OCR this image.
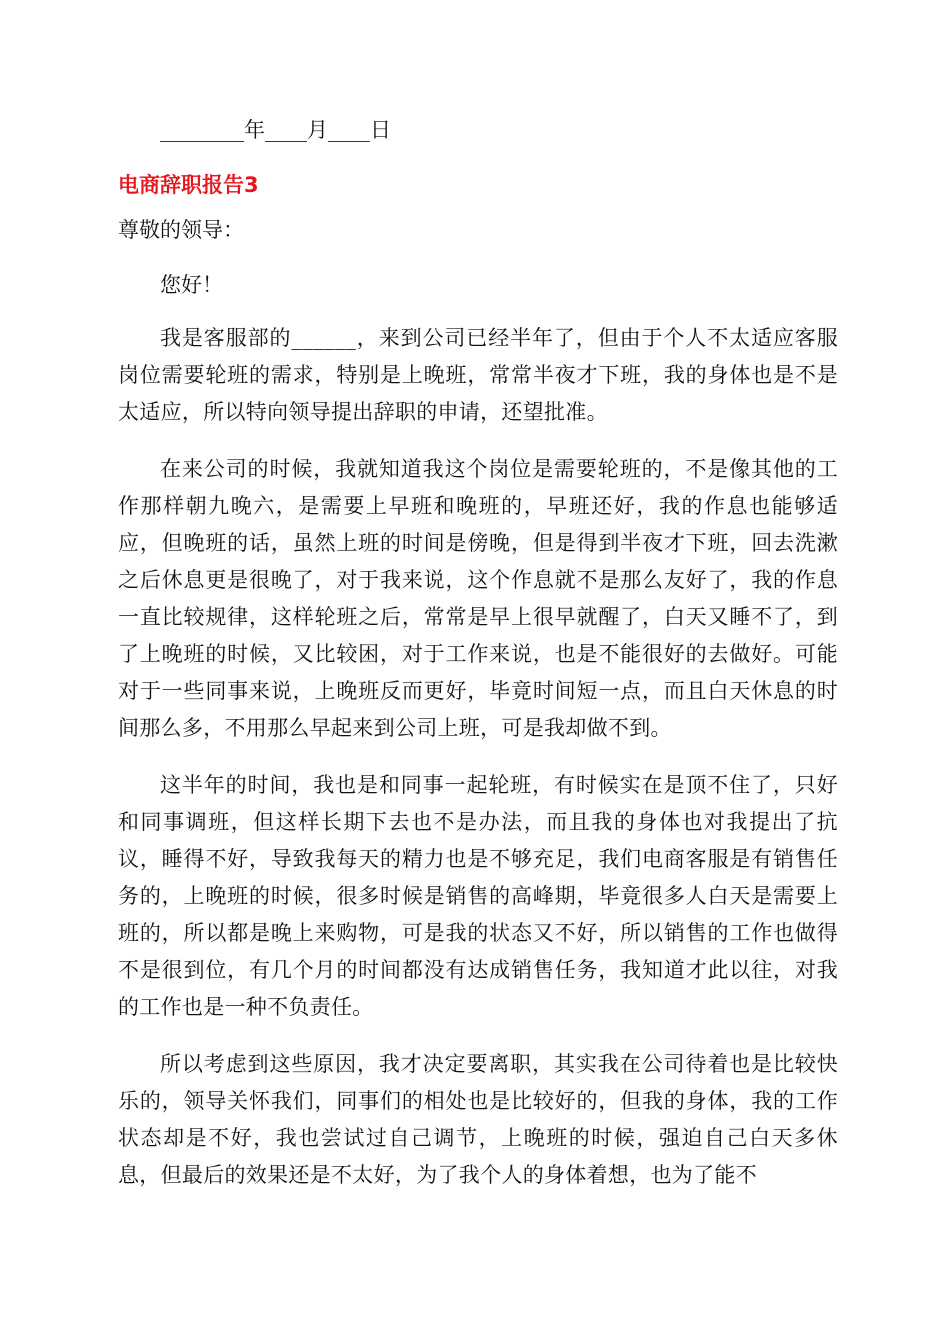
________年____月____日
电商辞职报告3
尊敬的领导：
您好！

我是客服部的______，来到公司已经半年了，但由于个人不太适应客服岗位需要轮班的需求，特别是上晚班，常常半夜才下班，我的身体也是不是太适应，所以特向领导提出辞职的申请，还望批准。

在来公司的时候，我就知道我这个岗位是需要轮班的，不是像其他的工作那样朝九晚六，是需要上早班和晚班的，早班还好，我的作息也能够适应，但晚班的话，虽然上班的时间是傍晚，但是得到半夜才下班，回去洗漱之后休息更是很晚了，对于我来说，这个作息就不是那么友好了，我的作息一直比较规律，这样轮班之后，常常是早上很早就醒了，白天又睡不了，到了上晚班的时候，又比较困，对于工作来说，也是不能很好的去做好。可能对于一些同事来说，上晚班反而更好，毕竟时间短一点，而且白天休息的时间那么多，不用那么早起来到公司上班，可是我却做不到。

这半年的时间，我也是和同事一起轮班，有时候实在是顶不住了，只好和同事调班，但这样长期下去也不是办法，而且我的身体也对我提出了抗议，睡得不好，导致我每天的精力也是不够充足，我们电商客服是有销售任务的，上晚班的时候，很多时候是销售的高峰期，毕竟很多人白天是需要上班的，所以都是晚上来购物，可是我的状态又不好，所以销售的工作也做得不是很到位，有几个月的时间都没有达成销售任务，我知道才此以往，对我的工作也是一种不负责任。

所以考虑到这些原因，我才决定要离职，其实我在公司待着也是比较快乐的，领导关怀我们，同事们的相处也是比较好的，但我的身体，我的工作状态却是不好，我也尝试过自己调节，上晚班的时候，强迫自己白天多休息，但最后的效果还是不太好，为了我个人的身体着想，也为了能不
